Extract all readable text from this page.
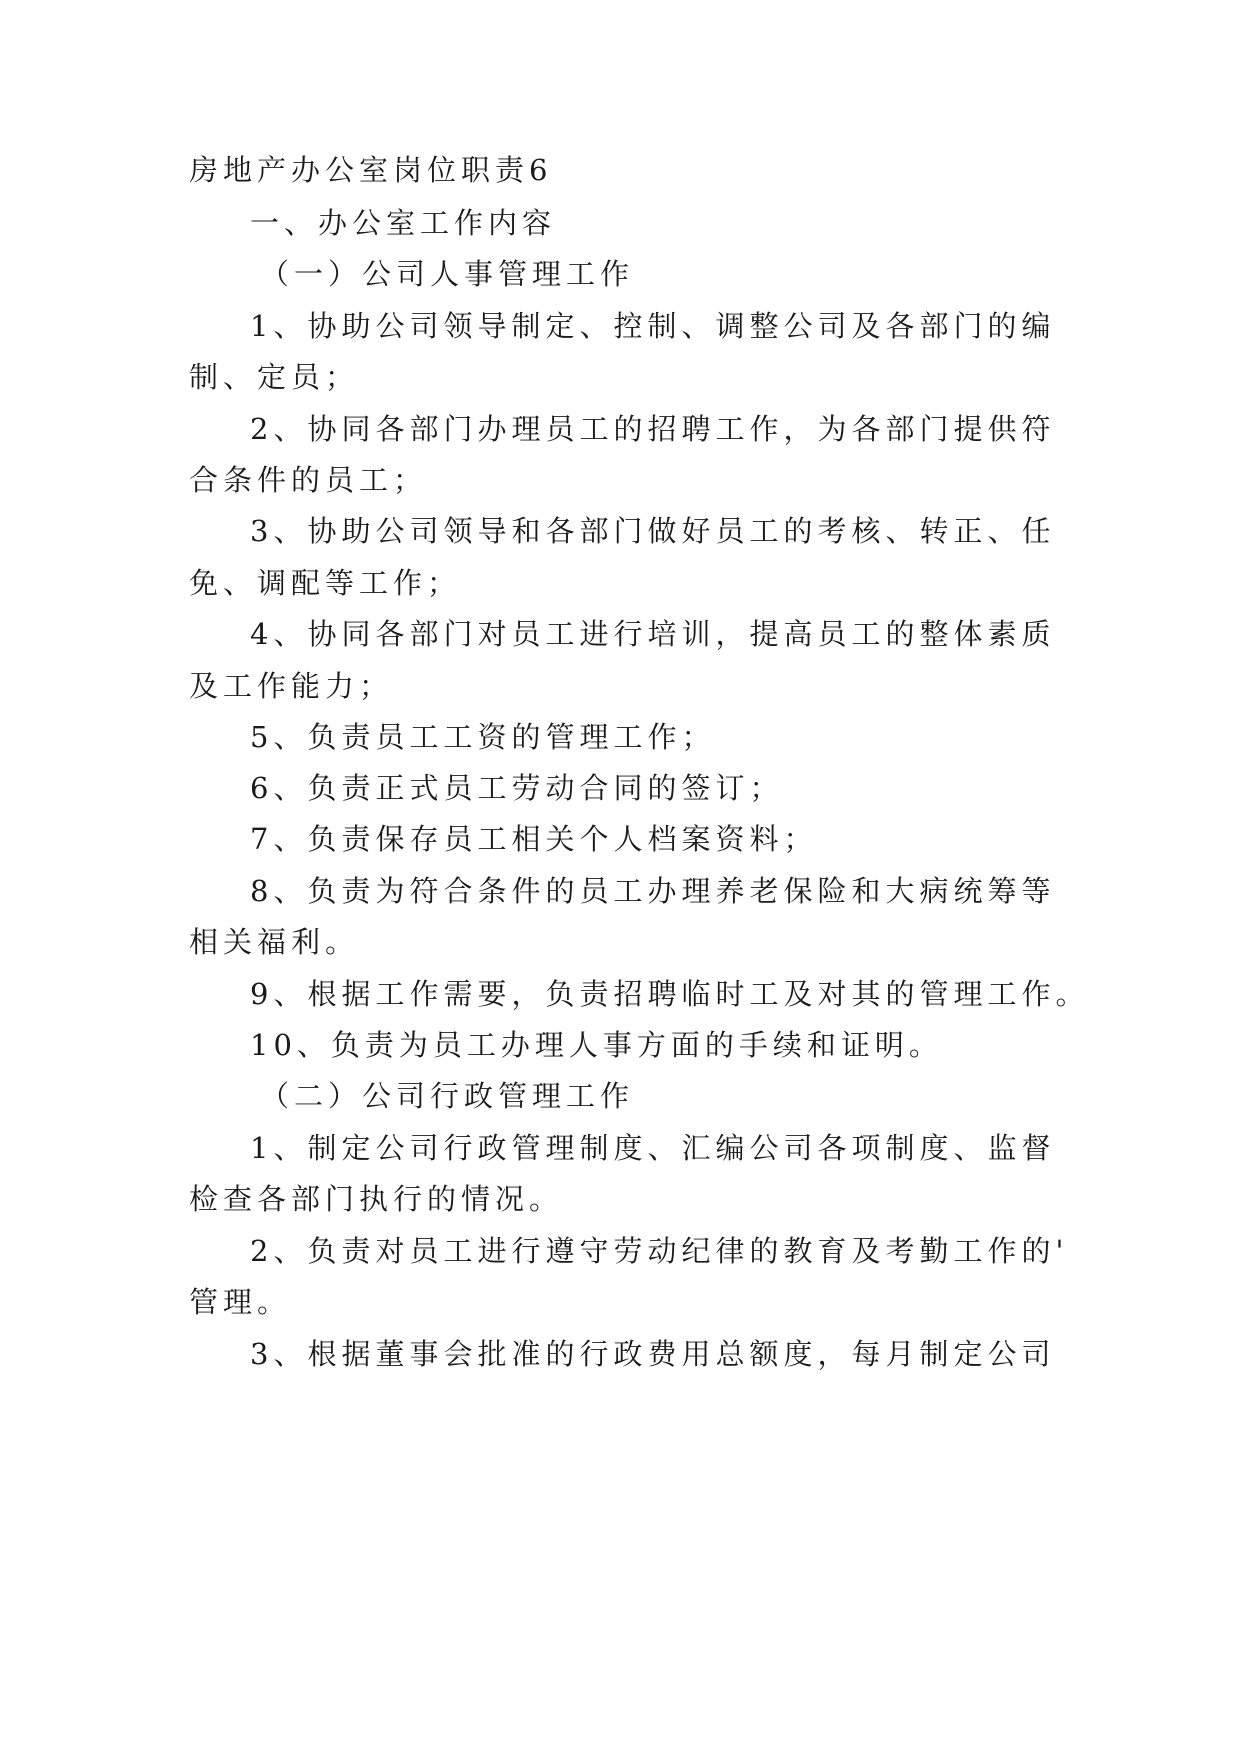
房地产办公室岗位职责6
一、办公室工作内容
（一）公司人事管理工作
1、协助公司领导制定、控制、调整公司及各部门的编
制、定员；
2、协同各部门办理员工的招聘工作，为各部门提供符
合条件的员工；
3、协助公司领导和各部门做好员工的考核、转正、任
免、调配等工作；
4、协同各部门对员工进行培训，提高员工的整体素质
及工作能力；
5、负责员工工资的管理工作；
6、负责正式员工劳动合同的签订；
7、负责保存员工相关个人档案资料；
8、负责为符合条件的员工办理养老保险和大病统筹等
相关福利。
9、根据工作需要，负责招聘临时工及对其的管理工作。
10、负责为员工办理人事方面的手续和证明。
（二）公司行政管理工作
1、制定公司行政管理制度、汇编公司各项制度、监督
检查各部门执行的情况。
2、负责对员工进行遵守劳动纪律的教育及考勤工作的'
管理。
3、根据董事会批准的行政费用总额度，每月制定公司
